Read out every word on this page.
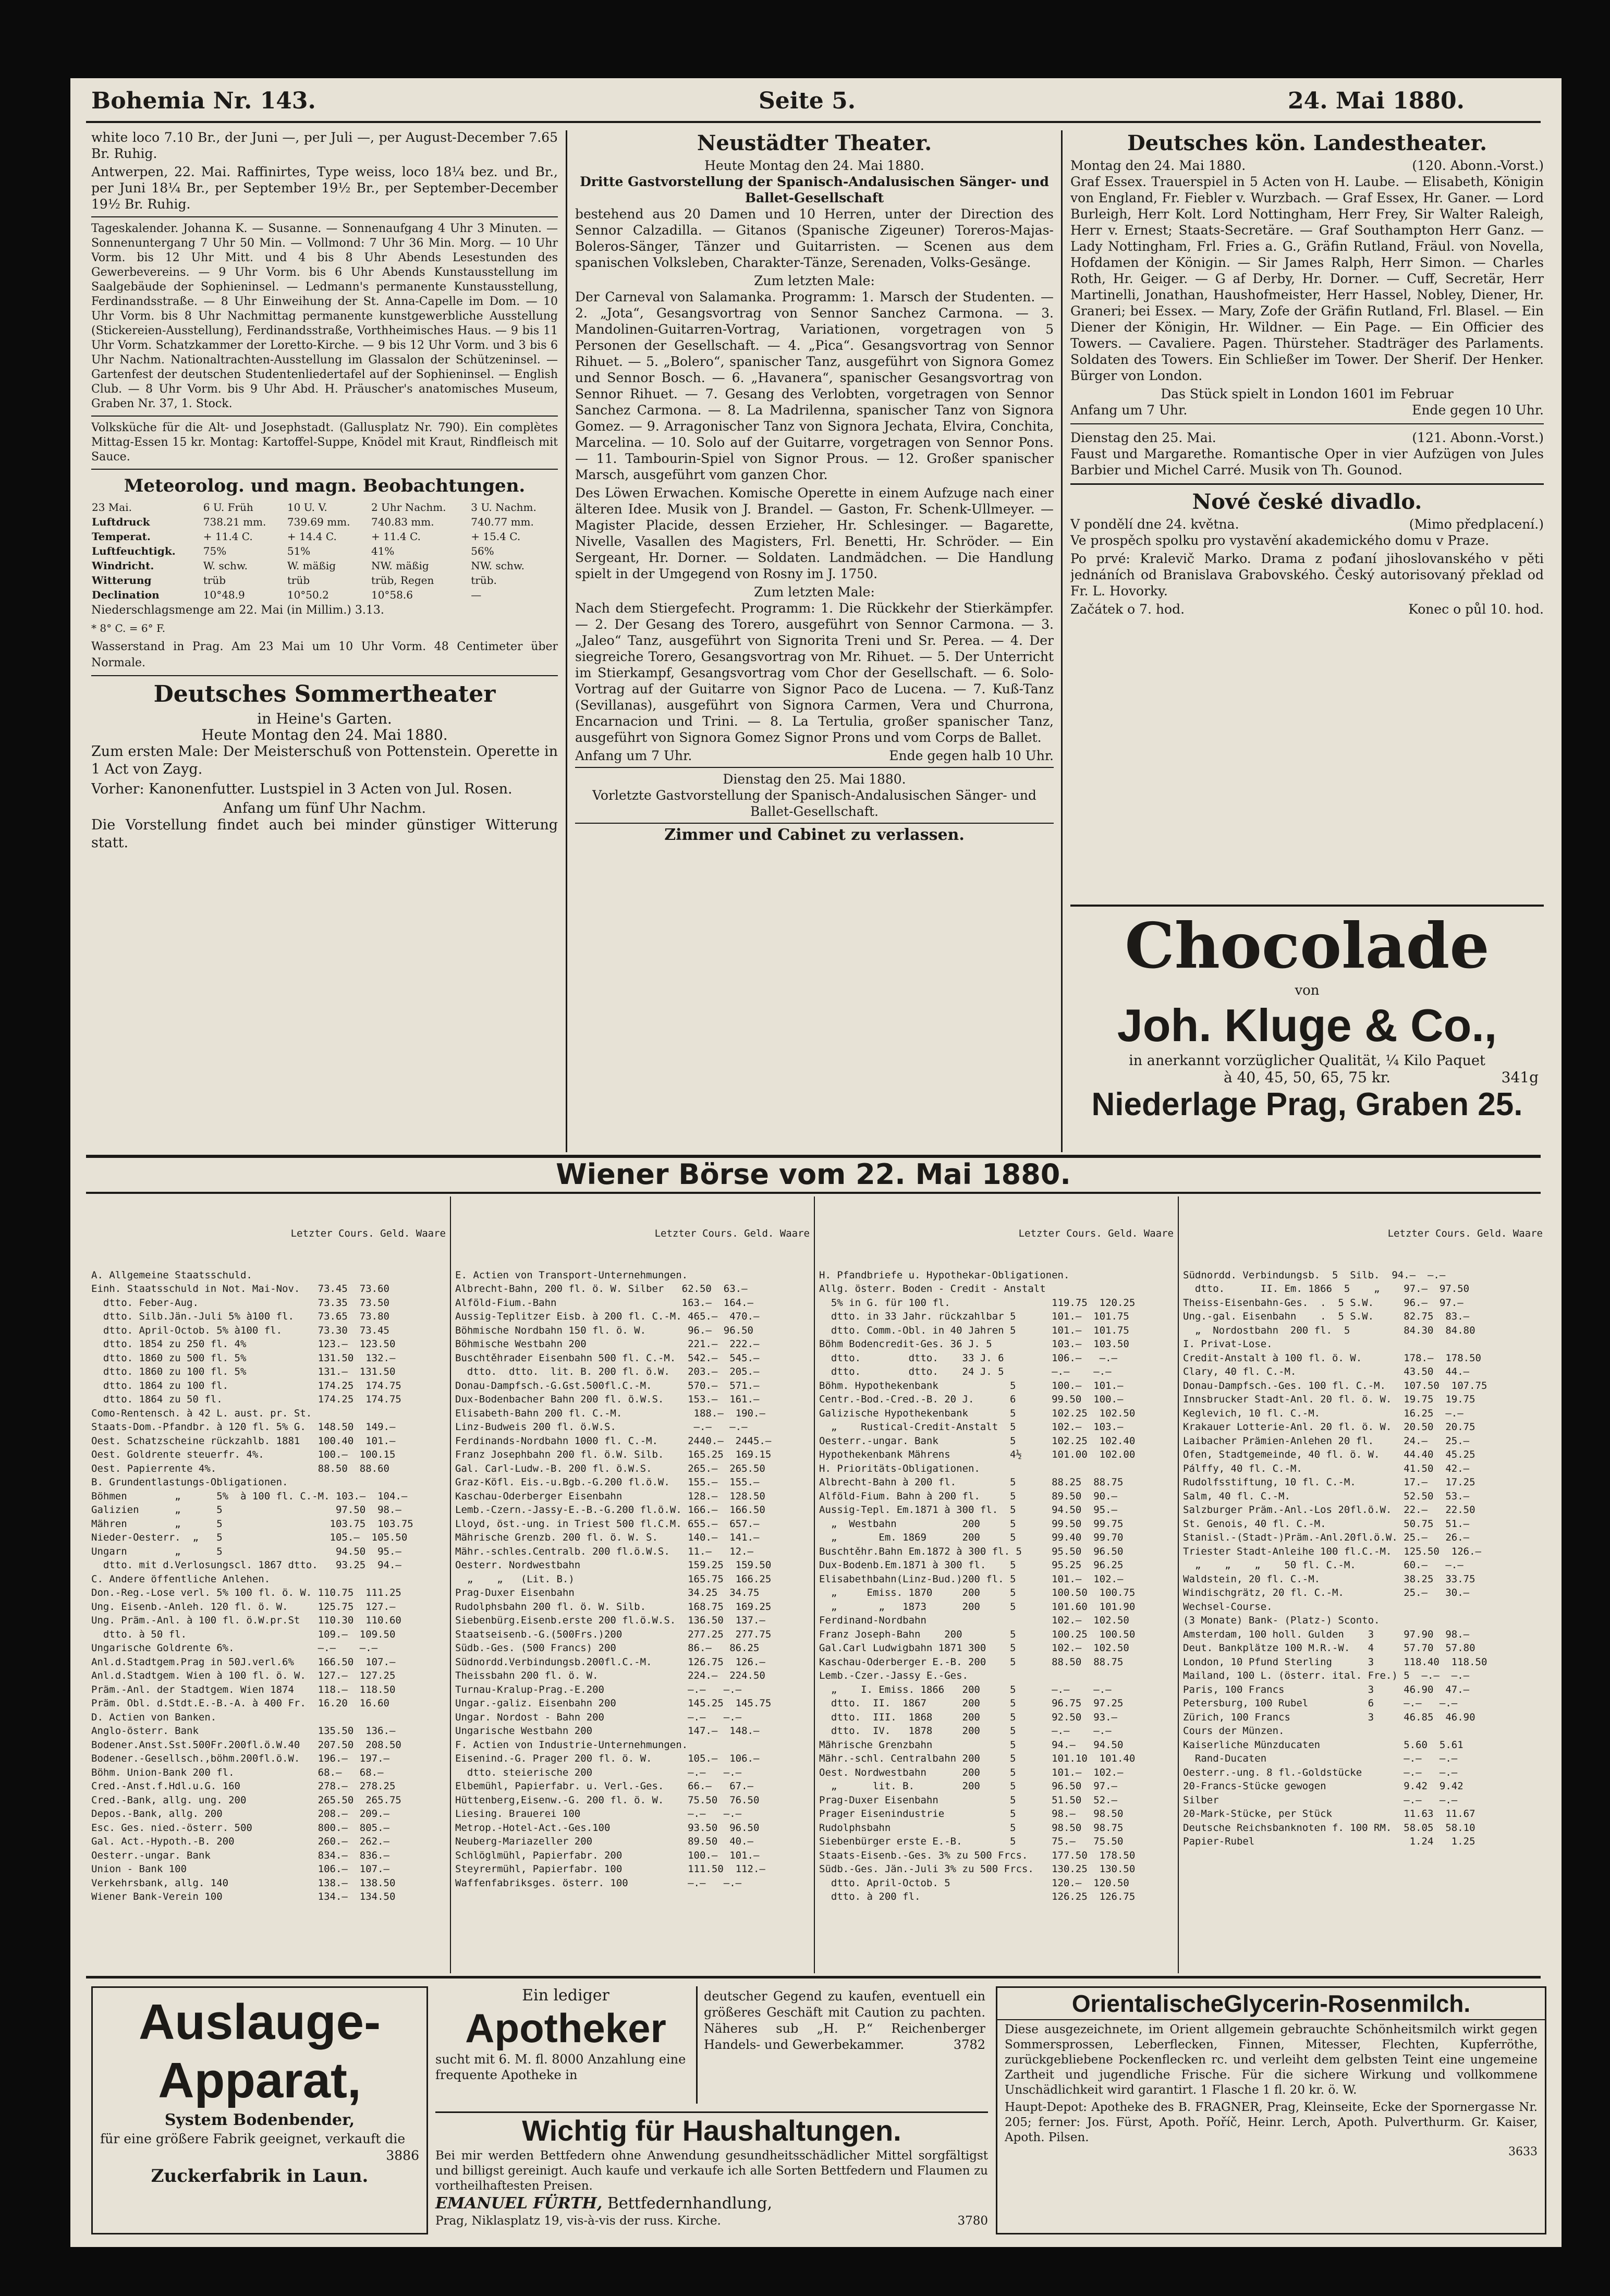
Bohemia Nr. 143.	Seite 5.	24. Mai 1880.

white loco 7.10 Br., der Juni —, per Juli —, per August-December 7.65 Br. Ruhig.

Antwerpen, 22. Mai. Raffinirtes, Type weiss, loco 18¼ bez. und Br., per Juni 18¼ Br., per September 19½ Br., per September-December 19½ Br. Ruhig.

Tageskalender. Johanna K. — Susanne. — Sonnenaufgang 4 Uhr 3 Minuten. — Sonnenuntergang 7 Uhr 50 Min. — Vollmond: 7 Uhr 36 Min. Morg. — 10 Uhr Vorm. bis 12 Uhr Mitt. und 4 bis 8 Uhr Abends Lesestunden des Gewerbevereins. — 9 Uhr Vorm. bis 6 Uhr Abends Kunstausstellung im Saalgebäude der Sophieninsel. — Ledmann's permanente Kunstausstellung, Ferdinandsstraße. — 8 Uhr Einweihung der St. Anna-Capelle im Dom. — 10 Uhr Vorm. bis 8 Uhr Nachmittag permanente kunstgewerbliche Ausstellung (Stickereien-Ausstellung), Ferdinandsstraße, Vorthheimisches Haus. — 9 bis 11 Uhr Vorm. Schatzkammer der Loretto-Kirche. — 9 bis 12 Uhr Vorm. und 3 bis 6 Uhr Nachm. Nationaltrachten-Ausstellung im Glassalon der Schützeninsel. — Gartenfest der deutschen Studentenliedertafel auf der Sophieninsel. — English Club. — 8 Uhr Vorm. bis 9 Uhr Abd. H. Präuscher's anatomisches Museum, Graben Nr. 37, 1. Stock.

Volksküche für die Alt- und Josephstadt. (Gallusplatz Nr. 790). Ein complètes Mittag-Essen 15 kr. Montag: Kartoffel-Suppe, Knödel mit Kraut, Rindfleisch mit Sauce.

Meteorolog. und magn. Beobachtungen.
23 Mai.	6 U. Früh	10 U. V.	2 Uhr Nachm.	3 U. Nachm.
Luftdruck	738.21 mm.	739.69 mm.	740.83 mm.	740.77 mm.
Temperat.	+ 11.4 C.	+ 14.4 C.	+ 11.4 C.	+ 15.4 C.
Luftfeuchtigk.	75%	51%	41%	56%
Windricht.	W. schw.	W. mäßig	NW. mäßig	NW. schw.
Witterung	trüb	trüb	trüb, Regen	trüb.
Declination	10°48.9	10°50.2	10°58.6	—

Niederschlagsmenge am 22. Mai (in Millim.) 3.13.

* 8° C. = 6° F.

Wasserstand in Prag. Am 23 Mai um 10 Uhr Vorm. 48 Centimeter über Normale.

Deutsches Sommertheater
in Heine's Garten.
Heute Montag den 24. Mai 1880.

Zum ersten Male: Der Meisterschuß von Pottenstein. Operette in 1 Act von Zayg.

Vorher: Kanonenfutter. Lustspiel in 3 Acten von Jul. Rosen.

Anfang um fünf Uhr Nachm.

Die Vorstellung findet auch bei minder günstiger Witterung statt.

Neustädter Theater.
Heute Montag den 24. Mai 1880.
Dritte Gastvorstellung der Spanisch-Andalusischen Sänger- und Ballet-Gesellschaft

bestehend aus 20 Damen und 10 Herren, unter der Direction des Sennor Calzadilla. — Gitanos (Spanische Zigeuner) Toreros-Majas-Boleros-Sänger, Tänzer und Guitarristen. — Scenen aus dem spanischen Volksleben, Charakter-Tänze, Serenaden, Volks-Gesänge.

Zum letzten Male:

Der Carneval von Salamanka. Programm: 1. Marsch der Studenten. — 2. „Jota“, Gesangsvortrag von Sennor Sanchez Carmona. — 3. Mandolinen-Guitarren-Vortrag, Variationen, vorgetragen von 5 Personen der Gesellschaft. — 4. „Pica“. Gesangsvortrag von Sennor Rihuet. — 5. „Bolero“, spanischer Tanz, ausgeführt von Signora Gomez und Sennor Bosch. — 6. „Havanera“, spanischer Gesangsvortrag von Sennor Rihuet. — 7. Gesang des Verlobten, vorgetragen von Sennor Sanchez Carmona. — 8. La Madrilenna, spanischer Tanz von Signora Gomez. — 9. Arragonischer Tanz von Signora Jechata, Elvira, Conchita, Marcelina. — 10. Solo auf der Guitarre, vorgetragen von Sennor Pons. — 11. Tambourin-Spiel von Signor Prous. — 12. Großer spanischer Marsch, ausgeführt vom ganzen Chor.

Des Löwen Erwachen. Komische Operette in einem Aufzuge nach einer älteren Idee. Musik von J. Brandel. — Gaston, Fr. Schenk-Ullmeyer. — Magister Placide, dessen Erzieher, Hr. Schlesinger. — Bagarette, Nivelle, Vasallen des Magisters, Frl. Benetti, Hr. Schröder. — Ein Sergeant, Hr. Dorner. — Soldaten. Landmädchen. — Die Handlung spielt in der Umgegend von Rosny im J. 1750.

Zum letzten Male:

Nach dem Stiergefecht. Programm: 1. Die Rückkehr der Stierkämpfer. — 2. Der Gesang des Torero, ausgeführt von Sennor Carmona. — 3. „Jaleo“ Tanz, ausgeführt von Signorita Treni und Sr. Perea. — 4. Der siegreiche Torero, Gesangsvortrag von Mr. Rihuet. — 5. Der Unterricht im Stierkampf, Gesangsvortrag vom Chor der Gesellschaft. — 6. Solo-Vortrag auf der Guitarre von Signor Paco de Lucena. — 7. Kuß-Tanz (Sevillanas), ausgeführt von Signora Carmen, Vera und Churrona, Encarnacion und Trini. — 8. La Tertulia, großer spanischer Tanz, ausgeführt von Signora Gomez Signor Prons und vom Corps de Ballet.

Anfang um 7 Uhr.	Ende gegen halb 10 Uhr.
Dienstag den 25. Mai 1880.
Vorletzte Gastvorstellung der Spanisch-Andalusischen Sänger- und Ballet-Gesellschaft.
Zimmer und Cabinet zu verlassen.
Deutsches kön. Landestheater.
Montag den 24. Mai 1880.	(120. Abonn.-Vorst.)

Graf Essex. Trauerspiel in 5 Acten von H. Laube. — Elisabeth, Königin von England, Fr. Fiebler v. Wurzbach. — Graf Essex, Hr. Ganer. — Lord Burleigh, Herr Kolt. Lord Nottingham, Herr Frey, Sir Walter Raleigh, Herr v. Ernest; Staats-Secretäre. — Graf Southampton Herr Ganz. — Lady Nottingham, Frl. Fries a. G., Gräfin Rutland, Fräul. von Novella, Hofdamen der Königin. — Sir James Ralph, Herr Simon. — Charles Roth, Hr. Geiger. — G af Derby, Hr. Dorner. — Cuff, Secretär, Herr Martinelli, Jonathan, Haushofmeister, Herr Hassel, Nobley, Diener, Hr. Graneri; bei Essex. — Mary, Zofe der Gräfin Rutland, Frl. Blasel. — Ein Diener der Königin, Hr. Wildner. — Ein Page. — Ein Officier des Towers. — Cavaliere. Pagen. Thürsteher. Stadträger des Parlaments. Soldaten des Towers. Ein Schließer im Tower. Der Sherif. Der Henker. Bürger von London.

Das Stück spielt in London 1601 im Februar
Anfang um 7 Uhr.	Ende gegen 10 Uhr.
Dienstag den 25. Mai.	(121. Abonn.-Vorst.)

Faust und Margarethe. Romantische Oper in vier Aufzügen von Jules Barbier und Michel Carré. Musik von Th. Gounod.

Nové české divadlo.
V pondělí dne 24. května.	(Mimo předplacení.)

Ve prospěch spolku pro vystavění akademického domu v Praze.

Po prvé: Kralevič Marko. Drama z pođaní jihoslovanského v pěti jednáních od Branislava Grabovského. Český autorisovaný překlad od Fr. L. Hovorky.

Začátek o 7. hod.	Konec o půl 10. hod.
Chocolade
von
Joh. Kluge & Co.,
in anerkannt vorzüglicher Qualität, ¼ Kilo Paquet
à 40, 45, 50, 65, 75 kr.	341g
Niederlage Prag, Graben 25.
Wiener Börse vom 22. Mai 1880.

Letzter Cours. Geld. Waare

A. Allgemeine Staatsschuld.
Einh. Staatsschuld in Not. Mai-Nov.   73.45  73.60
dtto. Feber-Aug.                    73.35  73.50
dtto. Silb.Jän.-Juli 5% à100 fl.    73.65  73.80
dtto. April-Octob. 5% à100 fl.      73.30  73.45
dtto. 1854 zu 250 fl. 4%            123.—  123.50
dtto. 1860 zu 500 fl. 5%            131.50  132.—
dtto. 1860 zu 100 fl. 5%            131.—  131.50
dtto. 1864 zu 100 fl.               174.25  174.75
dtto. 1864 zu 50 fl.                174.25  174.75
Como-Rentensch. à 42 L. aust. pr. St.
Staats-Dom.-Pfandbr. à 120 fl. 5% G.  148.50  149.—
Oest. Schatzscheine rückzahlb. 1881   100.40  101.—
Oest. Goldrente steuerfr. 4%.         100.—  100.15
Oest. Papierrente 4%.                 88.50  88.60
B. Grundentlastungs-Obligationen.
Böhmen        „      5%  à 100 fl. C.-M. 103.—  104.—
Galizien      „      5                   97.50  98.—
Mähren        „      5                  103.75  103.75
Nieder-Oesterr.  „   5                  105.—  105.50
Ungarn        „      5                   94.50  95.—
dtto. mit d.Verlosungscl. 1867 dtto.   93.25  94.—
C. Andere öffentliche Anlehen.
Don.-Reg.-Lose verl. 5% 100 fl. ö. W. 110.75  111.25
Ung. Eisenb.-Anleh. 120 fl. ö. W.     125.75  127.—
Ung. Präm.-Anl. à 100 fl. ö.W.pr.St   110.30  110.60
dtto. à 50 fl.                      109.—  109.50
Ungarische Goldrente 6%.              —.—    —.—
Anl.d.Stadtgem.Prag in 50J.verl.6%    166.50  107.—
Anl.d.Stadtgem. Wien à 100 fl. ö. W.  127.—  127.25
Präm.-Anl. der Stadtgem. Wien 1874    118.—  118.50
Präm. Obl. d.Stdt.E.-B.-A. à 400 Fr.  16.20  16.60
D. Actien von Banken.
Anglo-österr. Bank                    135.50  136.—
Bodener.Anst.Sst.500Fr.200fl.ö.W.40   207.50  208.50
Bodener.-Gesellsch.,böhm.200fl.ö.W.   196.—  197.—
Böhm. Union-Bank 200 fl.              68.—   68.—
Cred.-Anst.f.Hdl.u.G. 160             278.—  278.25
Cred.-Bank, allg. ung. 200            265.50  265.75
Depos.-Bank, allg. 200                208.—  209.—
Esc. Ges. nied.-österr. 500           800.—  805.—
Gal. Act.-Hypoth.-B. 200              260.—  262.—
Oesterr.-ungar. Bank                  834.—  836.—
Union - Bank 100                      106.—  107.—
Verkehrsbank, allg. 140               138.—  138.50
Wiener Bank-Verein 100                134.—  134.50

Letzter Cours. Geld. Waare

E. Actien von Transport-Unternehmungen.
Albrecht-Bahn, 200 fl. ö. W. Silber   62.50  63.—
Alföld-Fium.-Bahn                     163.—  164.—
Aussig-Teplitzer Eisb. à 200 fl. C.-M. 465.—  470.—
Böhmische Nordbahn 150 fl. ö. W.       96.—  96.50
Böhmische Westbahn 200                 221.—  222.—
Buschtěhrader Eisenbahn 500 fl. C.-M.  542.—  545.—
dtto.  dtto.  lit. B. 200 fl. ö.W.   203.—  205.—
Donau-Dampfsch.-G.Gst.500fl.C.-M.      570.—  571.—
Dux-Bodenbacher Bahn 200 fl. ö.W.S.    153.—  161.—
Elisabeth-Bahn 200 fl. C.-M.            188.—  190.—
Linz-Budweis 200 fl. ö.W.S.             —.—   —.—
Ferdinands-Nordbahn 1000 fl. C.-M.     2440.—  2445.—
Franz Josephbahn 200 fl. ö.W. Silb.    165.25  169.15
Gal. Carl-Ludw.-B. 200 fl. ö.W.S.      265.—  265.50
Graz-Köfl. Eis.-u.Bgb.-G.200 fl.ö.W.   155.—  155.—
Kaschau-Oderberger Eisenbahn           128.—  128.50
Lemb.-Czern.-Jassy-E.-B.-G.200 fl.ö.W. 166.—  166.50
Lloyd, öst.-ung. in Triest 500 fl.C.M. 655.—  657.—
Mährische Grenzb. 200 fl. ö. W. S.     140.—  141.—
Mähr.-schles.Centralb. 200 fl.ö.W.S.   11.—   12.—
Oesterr. Nordwestbahn                  159.25  159.50
„    „   (Lit. B.)                   165.75  166.25
Prag-Duxer Eisenbahn                   34.25  34.75
Rudolphsbahn 200 fl. ö. W. Silb.       168.75  169.25
Siebenbürg.Eisenb.erste 200 fl.ö.W.S.  136.50  137.—
Staatseisenb.-G.(500Frs.)200           277.25  277.75
Südb.-Ges. (500 Francs) 200            86.—   86.25
Südnordd.Verbindungsb.200fl.C.-M.      126.75  126.—
Theissbahn 200 fl. ö. W.               224.—  224.50
Turnau-Kralup-Prag.-E.200              —.—   —.—
Ungar.-galiz. Eisenbahn 200            145.25  145.75
Ungar. Nordost - Bahn 200              —.—   —.—
Ungarische Westbahn 200                147.—  148.—
F. Actien von Industrie-Unternehmungen.
Eisenind.-G. Prager 200 fl. ö. W.      105.—  106.—
dtto. steierische 200                —.—   —.—
Elbemühl, Papierfabr. u. Verl.-Ges.    66.—   67.—
Hüttenberg,Eisenw.-G. 200 fl. ö. W.    75.50  76.50
Liesing. Brauerei 100                  —.—   —.—
Metrop.-Hotel-Act.-Ges.100             93.50  96.50
Neuberg-Mariazeller 200                89.50  40.—
Schlöglmühl, Papierfabr. 200           100.—  101.—
Steyrermühl, Papierfabr. 100           111.50  112.—
Waffenfabriksges. österr. 100          —.—   —.—

Letzter Cours. Geld. Waare

H. Pfandbriefe u. Hypothekar-Obligationen.
Allg. österr. Boden - Credit - Anstalt
5% in G. für 100 fl.                 119.75  120.25
dtto. in 33 Jahr. rückzahlbar 5      101.—  101.75
dtto. Comm.-Obl. in 40 Jahren 5      101.—  101.75
Böhm Bodencredit-Ges. 36 J. 5          103.—  103.50
dtto.        dtto.    33 J. 6        106.—   —.—
dtto.        dtto.    24 J. 5        —.—    —.—
Böhm. Hypothekenbank            5      100.—  101.—
Centr.-Bod.-Cred.-B. 20 J.      6      99.50  100.—
Galizische Hypothekenbank       5      102.25  102.50
„    Rustical-Credit-Anstalt  5      102.—  103.—
Oesterr.-ungar. Bank            5      102.25  102.40
Hypothekenbank Mährens          4½     101.00  102.00
H. Prioritäts-Obligationen.
Albrecht-Bahn à 200 fl.         5      88.25  88.75
Alföld-Fium. Bahn à 200 fl.     5      89.50  90.—
Aussig-Tepl. Em.1871 à 300 fl.  5      94.50  95.—
„  Westbahn           200     5      99.50  99.75
„       Em. 1869      200     5      99.40  99.70
Buschtěhr.Bahn Em.1872 à 300 fl. 5     95.50  96.50
Dux-Bodenb.Em.1871 à 300 fl.    5      95.25  96.25
Elisabethbahn(Linz-Bud.)200 fl. 5      101.—  102.—
„     Emiss. 1870     200     5      100.50  100.75
„       „   1873      200     5      101.60  101.90
Ferdinand-Nordbahn                     102.—  102.50
Franz Joseph-Bahn    200        5      100.25  100.50
Gal.Carl Ludwigbahn 1871 300    5      102.—  102.50
Kaschau-Oderberger E.-B. 200    5      88.50  88.75
Lemb.-Czer.-Jassy E.-Ges.
„    I. Emiss. 1866   200     5      —.—    —.—
dtto.  II.  1867      200     5      96.75  97.25
dtto.  III.  1868     200     5      92.50  93.—
dtto.  IV.   1878     200     5      —.—    —.—
Mährische Grenzbahn             5      94.—   94.50
Mähr.-schl. Centralbahn 200     5      101.10  101.40
Oest. Nordwestbahn      200     5      101.—  102.—
„      lit. B.        200     5      96.50  97.—
Prag-Duxer Eisenbahn            5      51.50  52.—
Prager Eisenindustrie           5      98.—   98.50
Rudolphsbahn                    5      98.50  98.75
Siebenbürger erste E.-B.        5      75.—   75.50
Staats-Eisenb.-Ges. 3% zu 500 Frcs.    177.50  178.50
Südb.-Ges. Jän.-Juli 3% zu 500 Frcs.   130.25  130.50
dtto. April-Octob. 5                 120.—  120.50
dtto. à 200 fl.                      126.25  126.75

Letzter Cours. Geld. Waare

Südnordd. Verbindungsb.  5  Silb.  94.—  —.—
dtto.      II. Em. 1866  5    „    97.—  97.50
Theiss-Eisenbahn-Ges.  .  5 S.W.     96.—  97.—
Ung.-gal. Eisenbahn    .  5 S.W.     82.75  83.—
„  Nordostbahn  200 fl.  5         84.30  84.80
I. Privat-Lose.
Credit-Anstalt à 100 fl. ö. W.       178.—  178.50
Clary, 40 fl. C.-M.                  43.50  44.—
Donau-Dampfsch.-Ges. 100 fl. C.-M.   107.50  107.75
Innsbrucker Stadt-Anl. 20 fl. ö. W.  19.75  19.75
Keglevich, 10 fl. C.-M.              16.25  —.—
Krakauer Lotterie-Anl. 20 fl. ö. W.  20.50  20.75
Laibacher Prämien-Anlehen 20 fl.     24.—   25.—
Ofen, Stadtgemeinde, 40 fl. ö. W.    44.40  45.25
Pálffy, 40 fl. C.-M.                 41.50  42.—
Rudolfsstiftung, 10 fl. C.-M.        17.—   17.25
Salm, 40 fl. C.-M.                   52.50  53.—
Salzburger Präm.-Anl.-Los 20fl.ö.W.  22.—   22.50
St. Genois, 40 fl. C.-M.             50.75  51.—
Stanisl.-(Stadt-)Präm.-Anl.20fl.ö.W. 25.—   26.—
Triester Stadt-Anleihe 100 fl.C.-M.  125.50  126.—
„    „    „    50 fl. C.-M.        60.—   —.—
Waldstein, 20 fl. C.-M.              38.25  33.75
Windischgrätz, 20 fl. C.-M.          25.—   30.—
Wechsel-Course.
(3 Monate) Bank- (Platz-) Sconto.
Amsterdam, 100 holl. Gulden    3     97.90  98.—
Deut. Bankplätze 100 M.R.-W.   4     57.70  57.80
London, 10 Pfund Sterling      3     118.40  118.50
Mailand, 100 L. (österr. ital. Fre.) 5  —.—  —.—
Paris, 100 Francs              3     46.90  47.—
Petersburg, 100 Rubel          6     —.—   —.—
Zürich, 100 Francs             3     46.85  46.90
Cours der Münzen.
Kaiserliche Münzducaten              5.60  5.61
Rand-Ducaten                       —.—   —.—
Oesterr.-ung. 8 fl.-Goldstücke       —.—   —.—
20-Francs-Stücke gewogen             9.42  9.42
Silber                               —.—   —.—
20-Mark-Stücke, per Stück            11.63  11.67
Deutsche Reichsbanknoten f. 100 RM.  58.05  58.10
Papier-Rubel                          1.24   1.25

Auslauge-
Apparat,
System Bodenbender,
für eine größere Fabrik geeignet, verkauft die
3886
Zuckerfabrik in Laun.
Ein lediger
Apotheker
sucht mit 6. M. fl. 8000 Anzahlung eine frequente Apotheke in
deutscher Gegend zu kaufen, eventuell ein größeres Geschäft mit Caution zu pachten. Näheres sub „H. P.“ Reichenberger Handels- und Gewerbekammer.	3782
Wichtig für Haushaltungen.
Bei mir werden Bettfedern ohne Anwendung gesundheitsschädlicher Mittel sorgfältigst und billigst gereinigt. Auch kaufe und verkaufe ich alle Sorten Bettfedern und Flaumen zu vortheilhaftesten Preisen.
EMANUEL FÜRTH, Bettfedernhandlung,
Prag, Niklasplatz 19, vis-à-vis der russ. Kirche.	3780
OrientalischeGlycerin-Rosenmilch.
Diese ausgezeichnete, im Orient allgemein gebrauchte Schönheitsmilch wirkt gegen Sommersprossen, Leberflecken, Finnen, Mitesser, Flechten, Kupferröthe, zurückgebliebene Pockenflecken rc. und verleiht dem gelbsten Teint eine ungemeine Zartheit und jugendliche Frische. Für die sichere Wirkung und vollkommene Unschädlichkeit wird garantirt. 1 Flasche 1 fl. 20 kr. ö. W.
Haupt-Depot: Apotheke des B. FRAGNER, Prag, Kleinseite, Ecke der Spornergasse Nr. 205; ferner: Jos. Fürst, Apoth. Poříč, Heinr. Lerch, Apoth. Pulverthurm. Gr. Kaiser, Apoth. Pilsen.
3633
